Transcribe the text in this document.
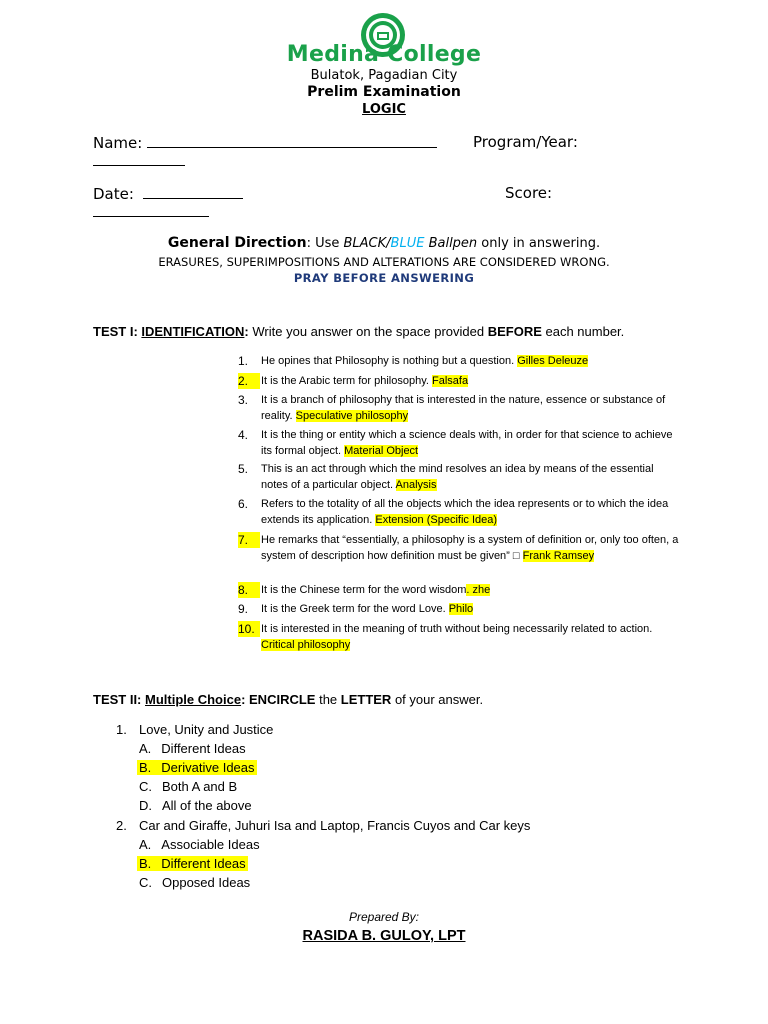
Medina College
Bulatok, Pagadian City
Prelim Examination
LOGIC
Name:	Program/Year:
Date:	Score:
General Direction: Use BLACK/BLUE Ballpen only in answering.
ERASURES, SUPERIMPOSITIONS AND ALTERATIONS ARE CONSIDERED WRONG.
PRAY BEFORE ANSWERING
TEST I: IDENTIFICATION: Write you answer on the space provided BEFORE each number.
1.	He opines that Philosophy is nothing but a question. Gilles Deleuze
2.	It is the Arabic term for philosophy. Falsafa
3.	It is a branch of philosophy that is interested in the nature, essence or substance of reality. Speculative philosophy
4.	It is the thing or entity which a science deals with, in order for that science to achieve its formal object. Material Object
5.	This is an act through which the mind resolves an idea by means of the essential notes of a particular object. Analysis
6.	Refers to the totality of all the objects which the idea represents or to which the idea extends its application. Extension (Specific Idea)
7.	He remarks that “essentially, a philosophy is a system of definition or, only too often, a system of description how definition must be given” □ Frank Ramsey
8.	It is the Chinese term for the word wisdom. zhe
9.	It is the Greek term for the word Love. Philo
10. It is interested in the meaning of truth without being necessarily related to action. Critical philosophy
TEST II: Multiple Choice: ENCIRCLE the LETTER of your answer.
1. Love, Unity and Justice
A. Different Ideas
B. Derivative Ideas
C. Both A and B
D. All of the above
2. Car and Giraffe, Juhuri Isa and Laptop, Francis Cuyos and Car keys
A. Associable Ideas
B. Different Ideas
C. Opposed Ideas
Prepared By:
RASIDA B. GULOY, LPT
